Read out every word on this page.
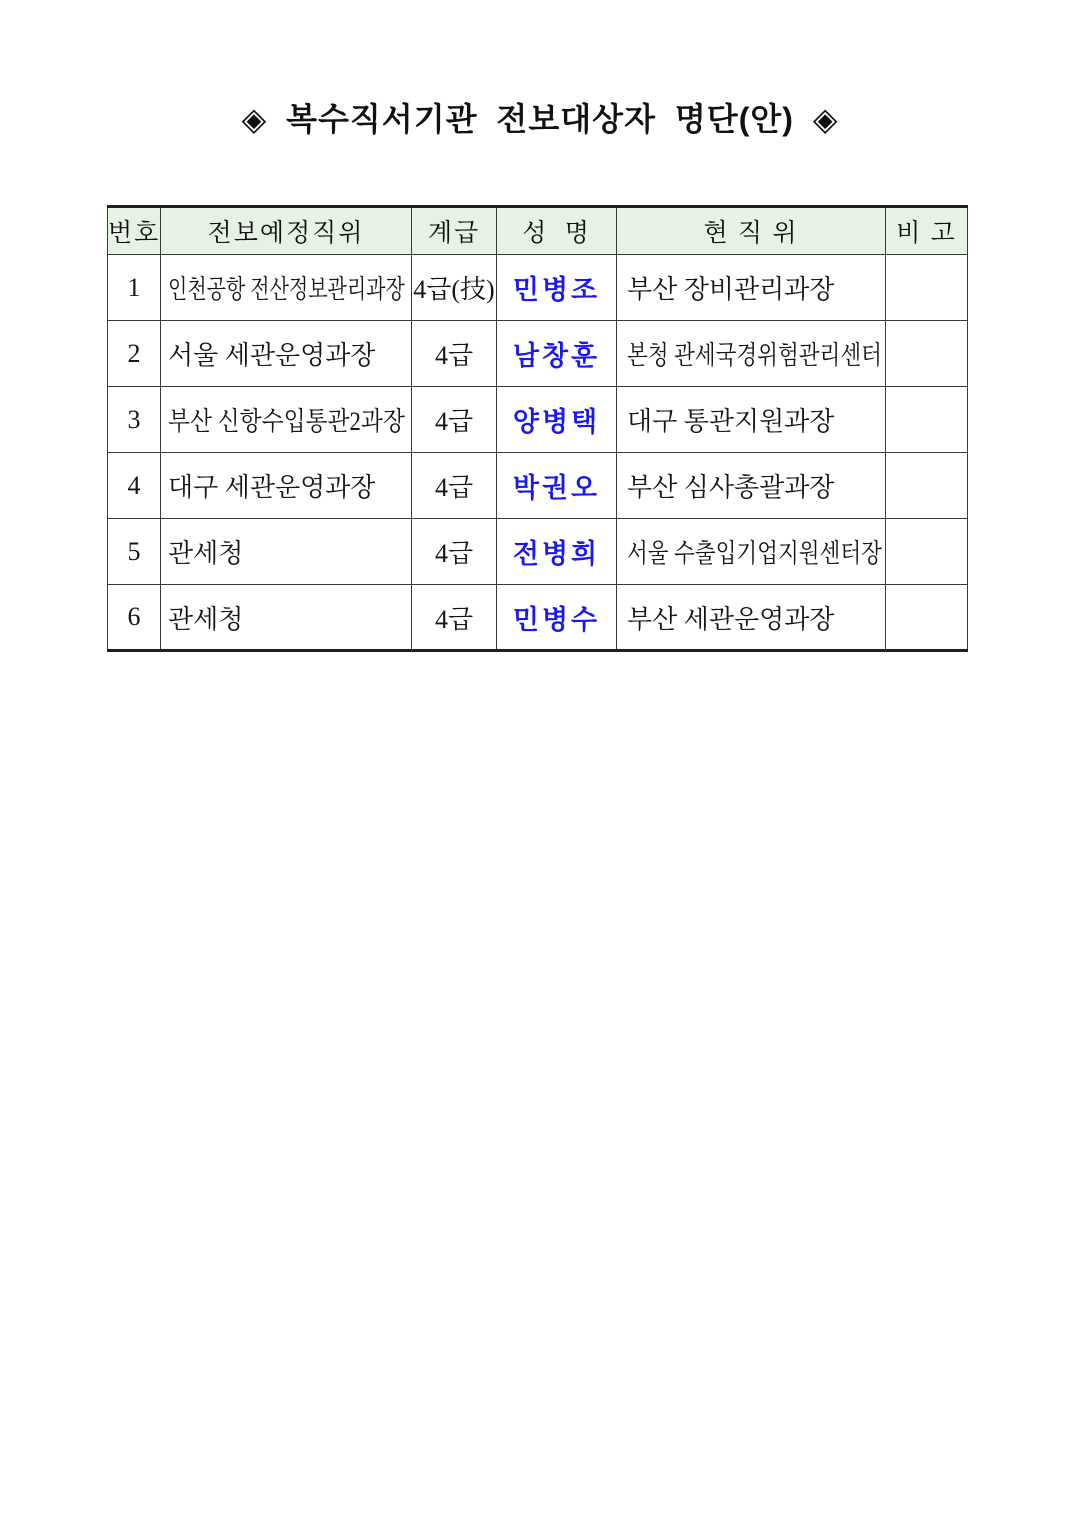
◈ 복수직서기관 전보대상자 명단(안) ◈
번호	전보예정직위	계급	성  명	현 직 위	비 고
1	인천공항 전산정보관리과장	4급(技)	민병조	부산 장비관리과장	
2	서울 세관운영과장	4급	남창훈	본청 관세국경위험관리센터	
3	부산 신항수입통관2과장	4급	양병택	대구 통관지원과장	
4	대구 세관운영과장	4급	박권오	부산 심사총괄과장	
5	관세청	4급	전병희	서울 수출입기업지원센터장	
6	관세청	4급	민병수	부산 세관운영과장	
